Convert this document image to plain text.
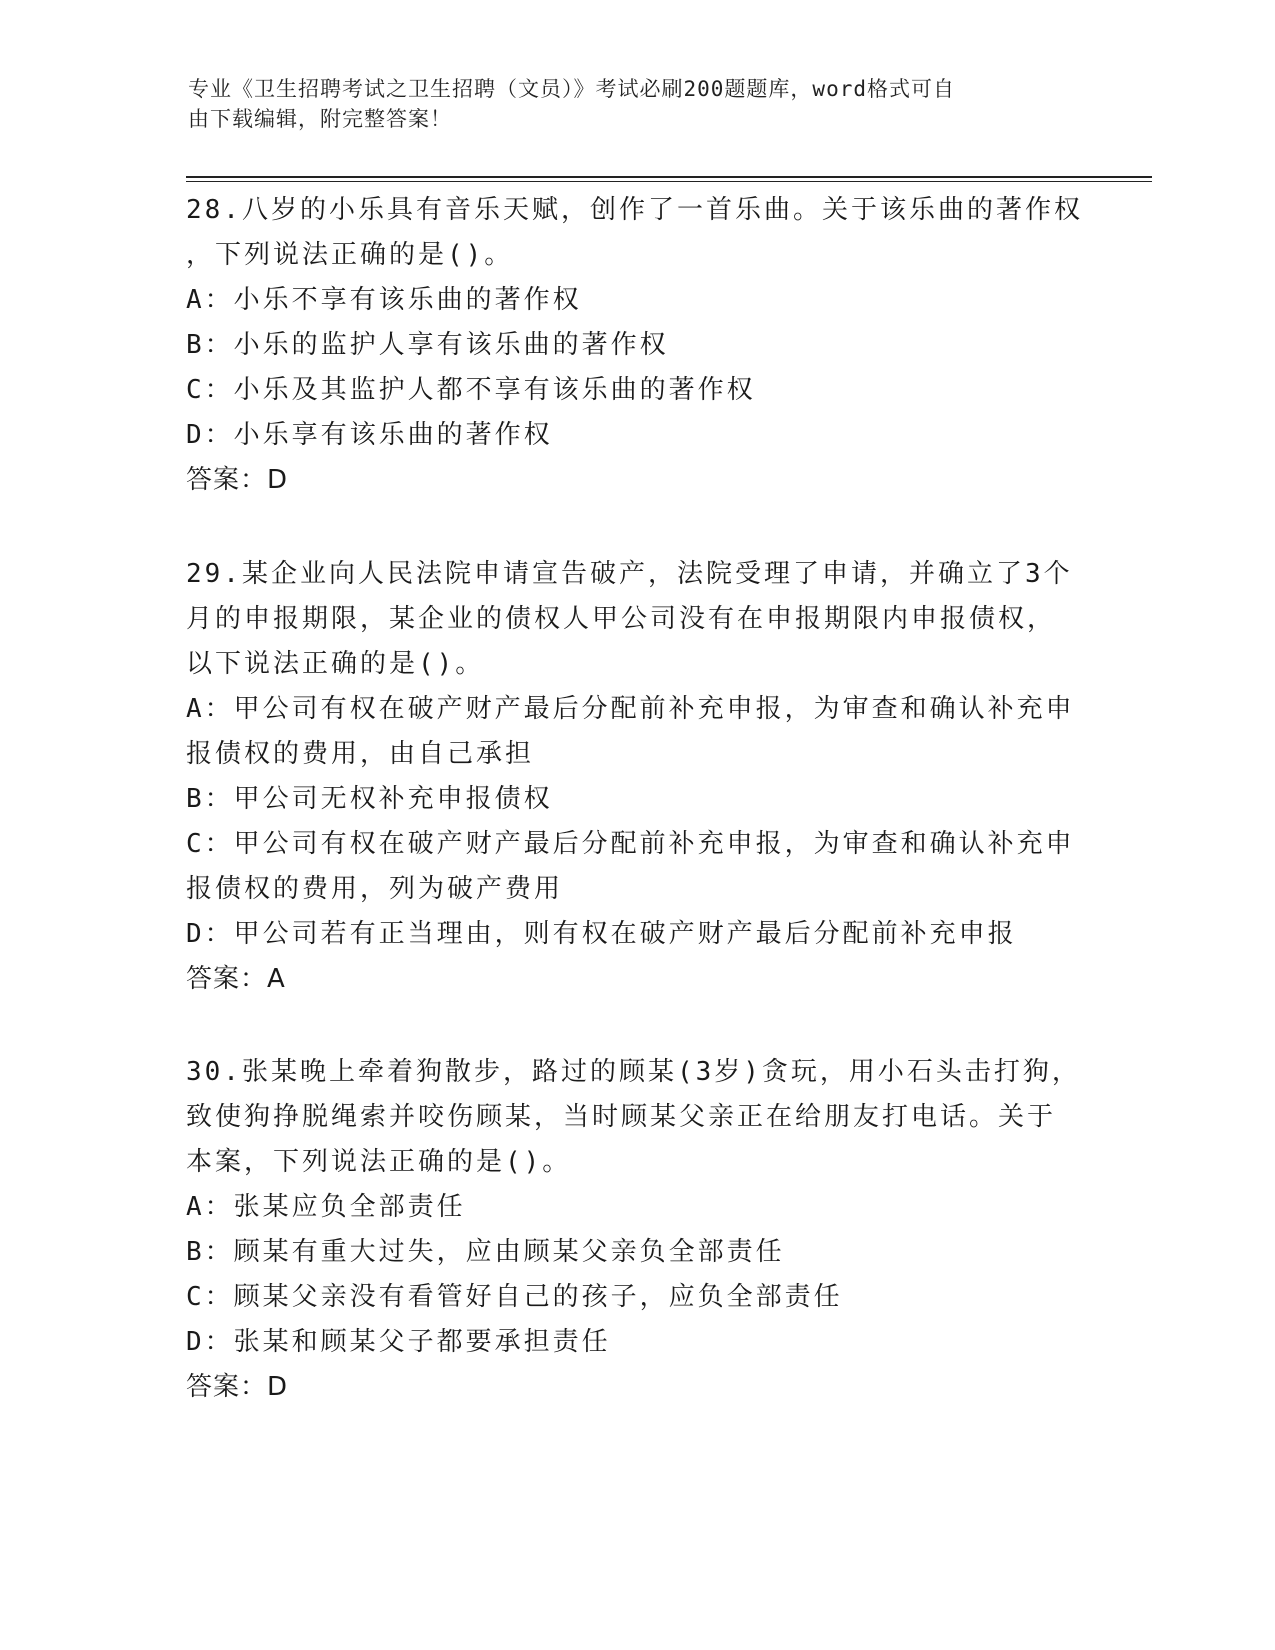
专业《卫生招聘考试之卫生招聘（文员）》考试必刷200题题库，word格式可自
由下载编辑，附完整答案！

28.八岁的小乐具有音乐天赋，创作了一首乐曲。关于该乐曲的著作权

，下列说法正确的是()。

A：小乐不享有该乐曲的著作权

B：小乐的监护人享有该乐曲的著作权

C：小乐及其监护人都不享有该乐曲的著作权

D：小乐享有该乐曲的著作权

答案：D

29.某企业向人民法院申请宣告破产，法院受理了申请，并确立了3个

月的申报期限，某企业的债权人甲公司没有在申报期限内申报债权，

以下说法正确的是()。

A：甲公司有权在破产财产最后分配前补充申报，为审查和确认补充申报债权的费用，由自己承担

B：甲公司无权补充申报债权

C：甲公司有权在破产财产最后分配前补充申报，为审查和确认补充申报债权的费用，列为破产费用

D：甲公司若有正当理由，则有权在破产财产最后分配前补充申报

答案：A

30.张某晚上牵着狗散步，路过的顾某(3岁)贪玩，用小石头击打狗，

致使狗挣脱绳索并咬伤顾某，当时顾某父亲正在给朋友打电话。关于

本案，下列说法正确的是()。

A：张某应负全部责任

B：顾某有重大过失，应由顾某父亲负全部责任

C：顾某父亲没有看管好自己的孩子，应负全部责任

D：张某和顾某父子都要承担责任

答案：D
